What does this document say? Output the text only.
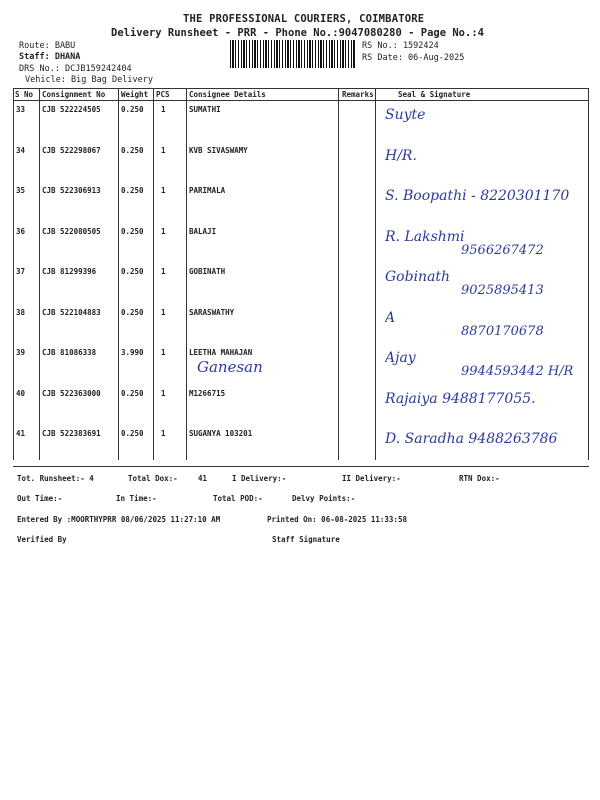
THE PROFESSIONAL COURIERS, COIMBATORE
Delivery Runsheet - PRR - Phone No.:9047080280 - Page No.:4
Route: BABU
Staff: DHANA
DRS No.: DCJB159242404
Vehicle: Big Bag Delivery
RS No.: 1592424
RS Date: 06-Aug-2025
S No Consignment No Weight PCS	Consignee Details	Remarks	Seal & Signature
33 CJB 522224505	0.250 1	SUMATHI	Suyte
34 CJB 522298067	0.250 1	KVB SIVASWAMY	H/R.
35 CJB 522306913	0.250 1	PARIMALA	S. Boopathi - 8220301170
36 CJB 522080505	0.250 1	BALAJI	R. Lakshmi
9566267472
37 CJB 81299396	0.250 1	GOBINATH	Gobinath
9025895413
38 CJB 522104883	0.250 1	SARASWATHY	A
8870170678
39 CJB 81086338	3.990 1	LEETHA MAHAJAN
Ganesan	Ajay
9944593442 H/R
40 CJB 522363000	0.250 1	M1266715	Rajaiya 9488177055.
41 CJB 522383691	0.250 1	SUGANYA 103201	D. Saradha 9488263786
Tot. Runsheet:- 4	Total Dox:-	41	I Delivery:-	II Delivery:-	RTN Dox:-
Out Time:-	In Time:-	Total POD:-	Delvy Points:-
Entered By :MOORTHYPRR 08/06/2025 11:27:10 AM	Printed On: 06-08-2025 11:33:58
Verified By	Staff Signature
